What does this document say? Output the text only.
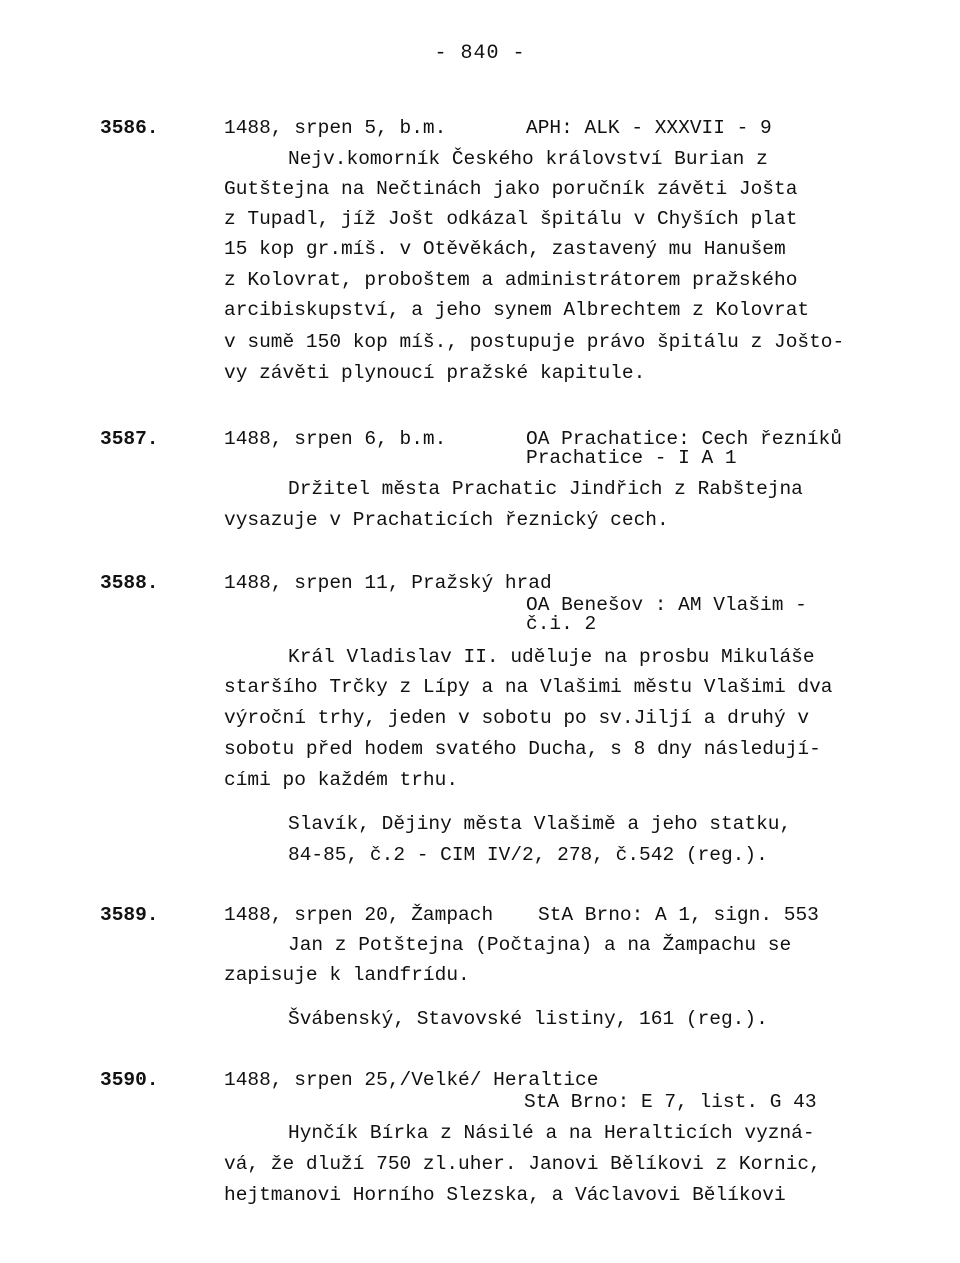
- 840 -
3586.	1488, srpen 5, b.m.	APH: ALK - XXXVII - 9
Nejv.komorník Českého království Burian z
Gutštejna na Nečtinách jako poručník závěti Jošta
z Tupadl, jíž Jošt odkázal špitálu v Chyších plat
15 kop gr.míš. v Otěvěkách, zastavený mu Hanušem
z Kolovrat, proboštem a administrátorem pražského
arcibiskupství, a jeho synem Albrechtem z Kolovrat
v sumě 150 kop míš., postupuje právo špitálu z Jošto-
vy závěti plynoucí pražské kapitule.
3587.	1488, srpen 6, b.m.	OA Prachatice: Cech řezníků
Prachatice - I A 1
Držitel města Prachatic Jindřich z Rabštejna
vysazuje v Prachaticích řeznický cech.
3588.	1488, srpen 11, Pražský hrad
OA Benešov : AM Vlašim -
č.i. 2
Král Vladislav II. uděluje na prosbu Mikuláše
staršího Trčky z Lípy a na Vlašimi městu Vlašimi dva
výroční trhy, jeden v sobotu po sv.Jiljí a druhý v
sobotu před hodem svatého Ducha, s 8 dny následují-
cími po každém trhu.
Slavík, Dějiny města Vlašimě a jeho statku,
84-85, č.2 - CIM IV/2, 278, č.542 (reg.).
3589.	1488, srpen 20, Žampach StA Brno: A 1, sign. 553
Jan z Potštejna (Počtajna) a na Žampachu se
zapisuje k landfrídu.
Švábenský, Stavovské listiny, 161 (reg.).
3590.	1488, srpen 25,/Velké/ Heraltice
StA Brno: E 7, list. G 43
Hynčík Bírka z Násilé a na Heralticích vyzná-
vá, že dluží 750 zl.uher. Janovi Bělíkovi z Kornic,
hejtmanovi Horního Slezska, a Václavovi Bělíkovi
